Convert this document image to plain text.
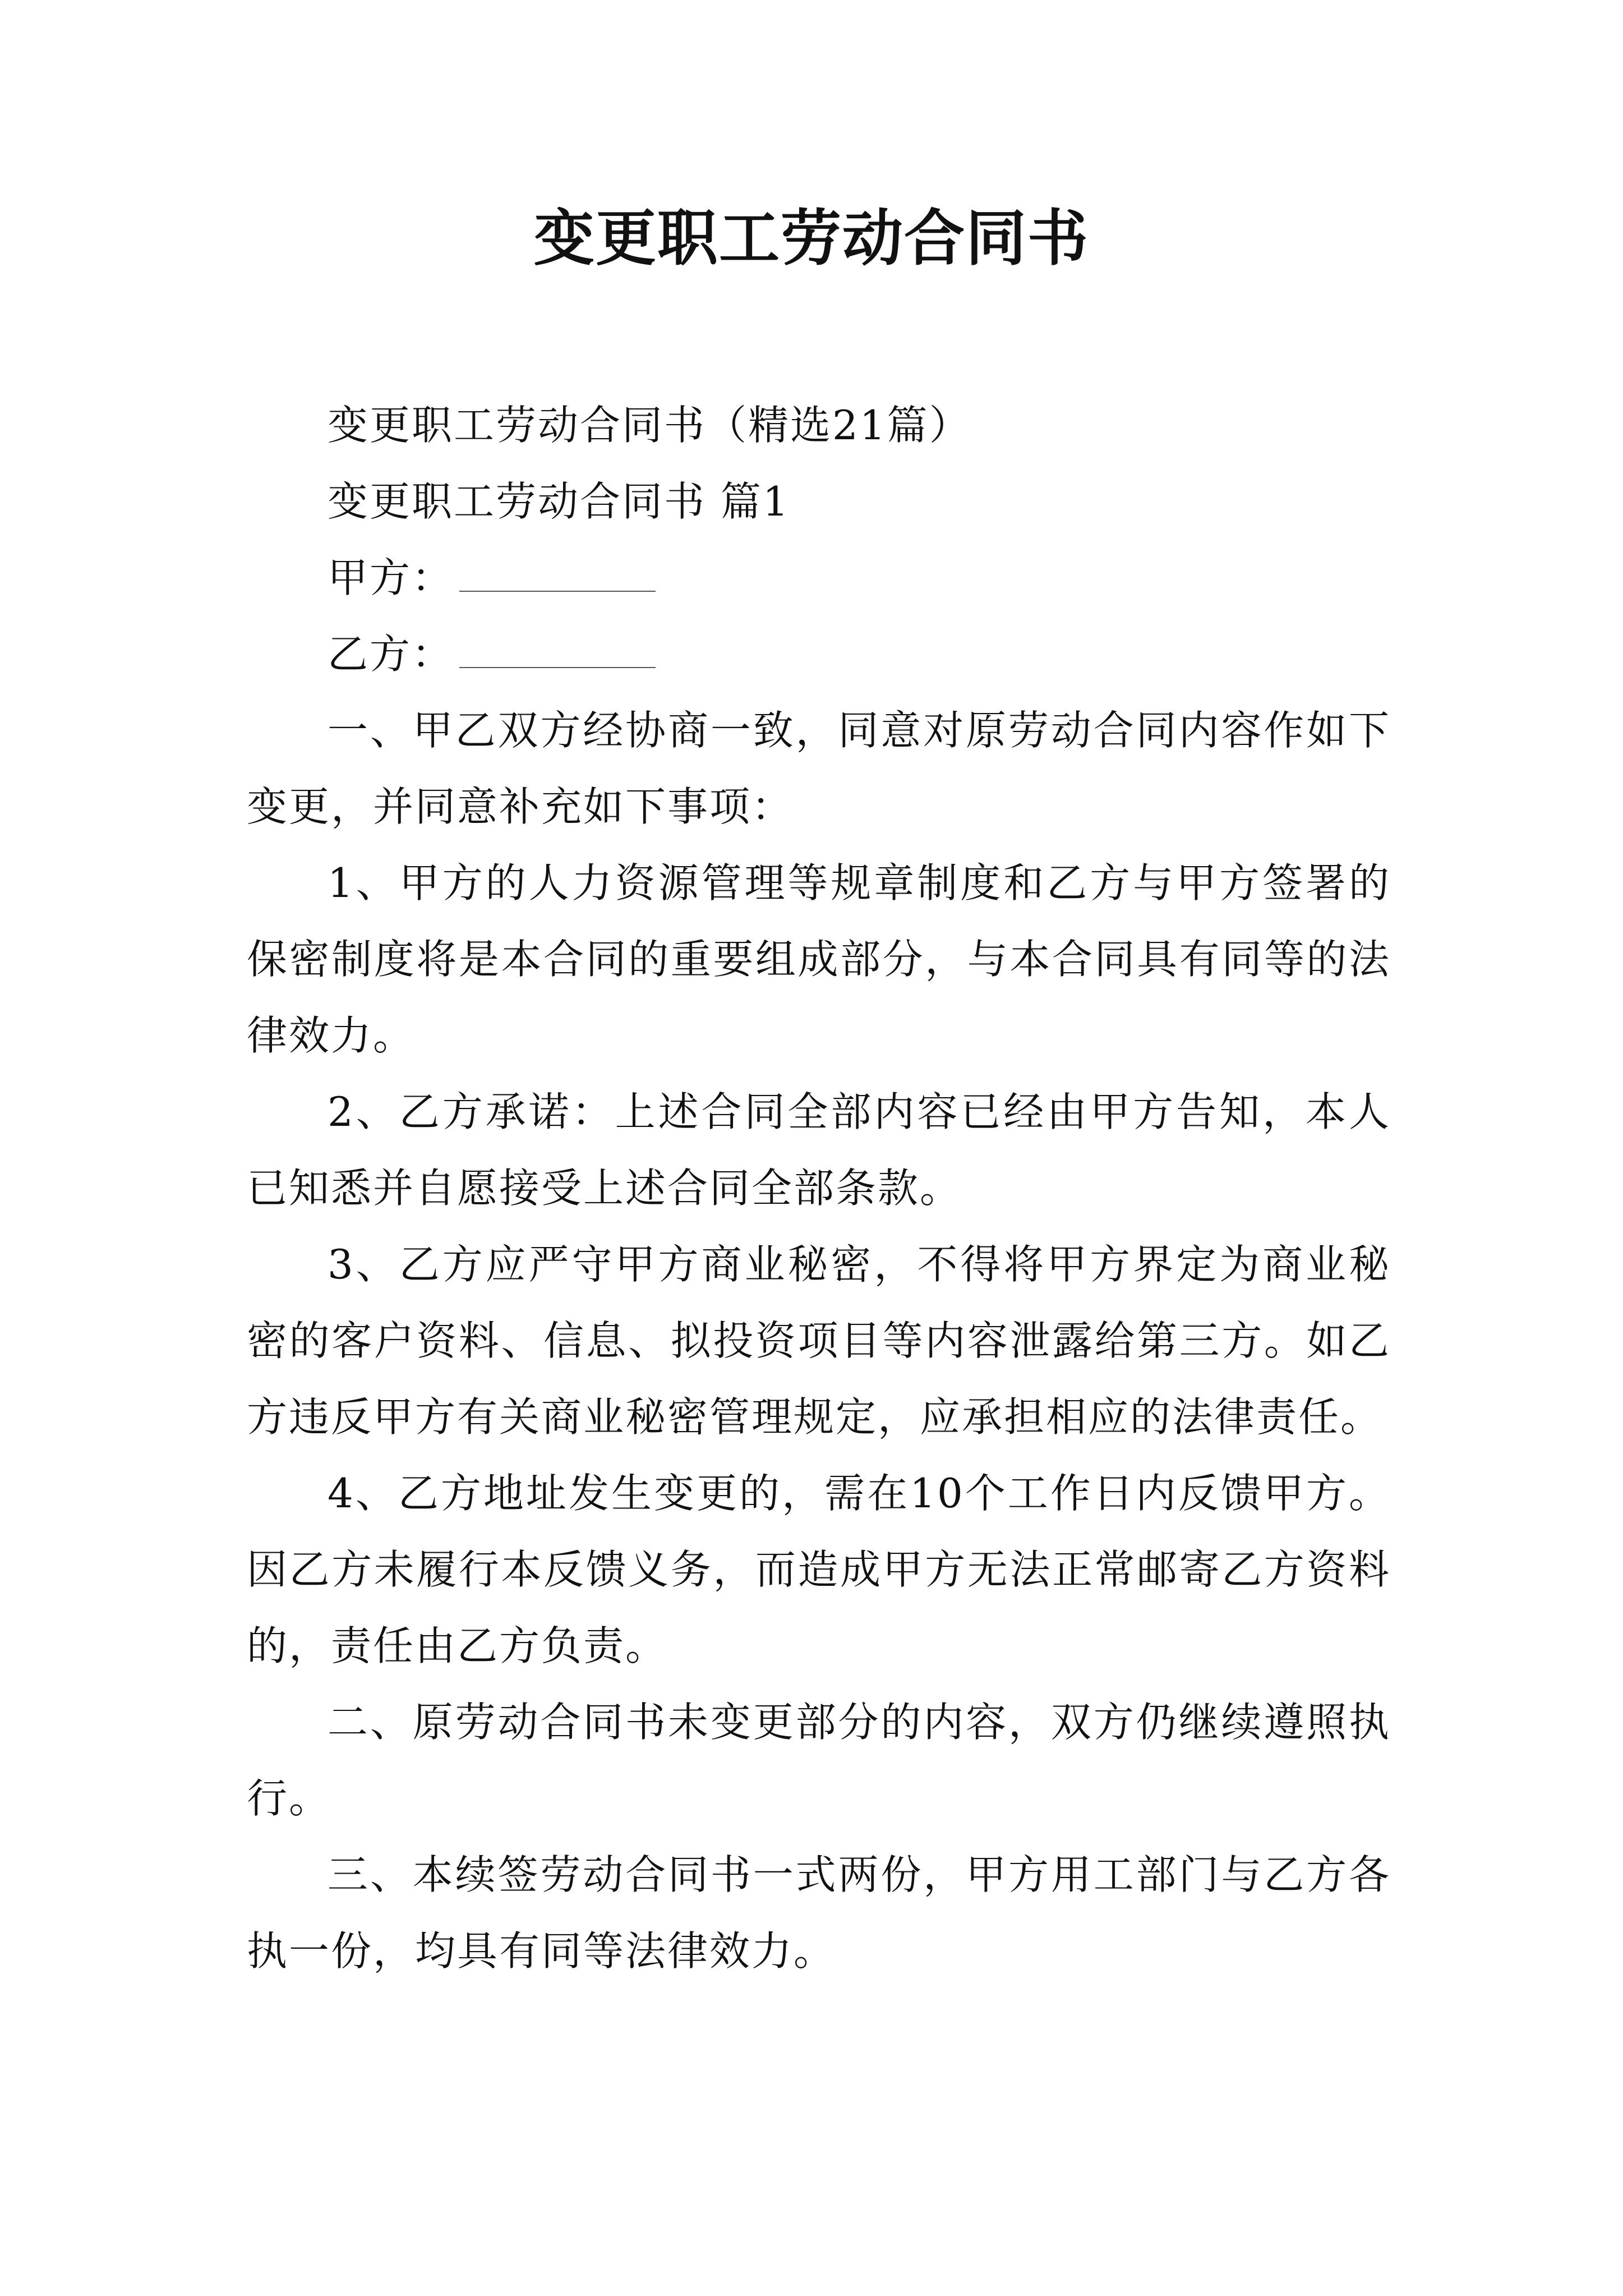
变更职工劳动合同书

变更职工劳动合同书（精选21篇）

变更职工劳动合同书 篇1

甲方：

乙方：

一、甲乙双方经协商一致，同意对原劳动合同内容作如下变更，并同意补充如下事项：

1、甲方的人力资源管理等规章制度和乙方与甲方签署的保密制度将是本合同的重要组成部分，与本合同具有同等的法律效力。

2、乙方承诺：上述合同全部内容已经由甲方告知，本人已知悉并自愿接受上述合同全部条款。

3、乙方应严守甲方商业秘密，不得将甲方界定为商业秘密的客户资料、信息、拟投资项目等内容泄露给第三方。如乙方违反甲方有关商业秘密管理规定，应承担相应的法律责任。

4、乙方地址发生变更的，需在10个工作日内反馈甲方。因乙方未履行本反馈义务，而造成甲方无法正常邮寄乙方资料的，责任由乙方负责。

二、原劳动合同书未变更部分的内容，双方仍继续遵照执行。

三、本续签劳动合同书一式两份，甲方用工部门与乙方各执一份，均具有同等法律效力。
